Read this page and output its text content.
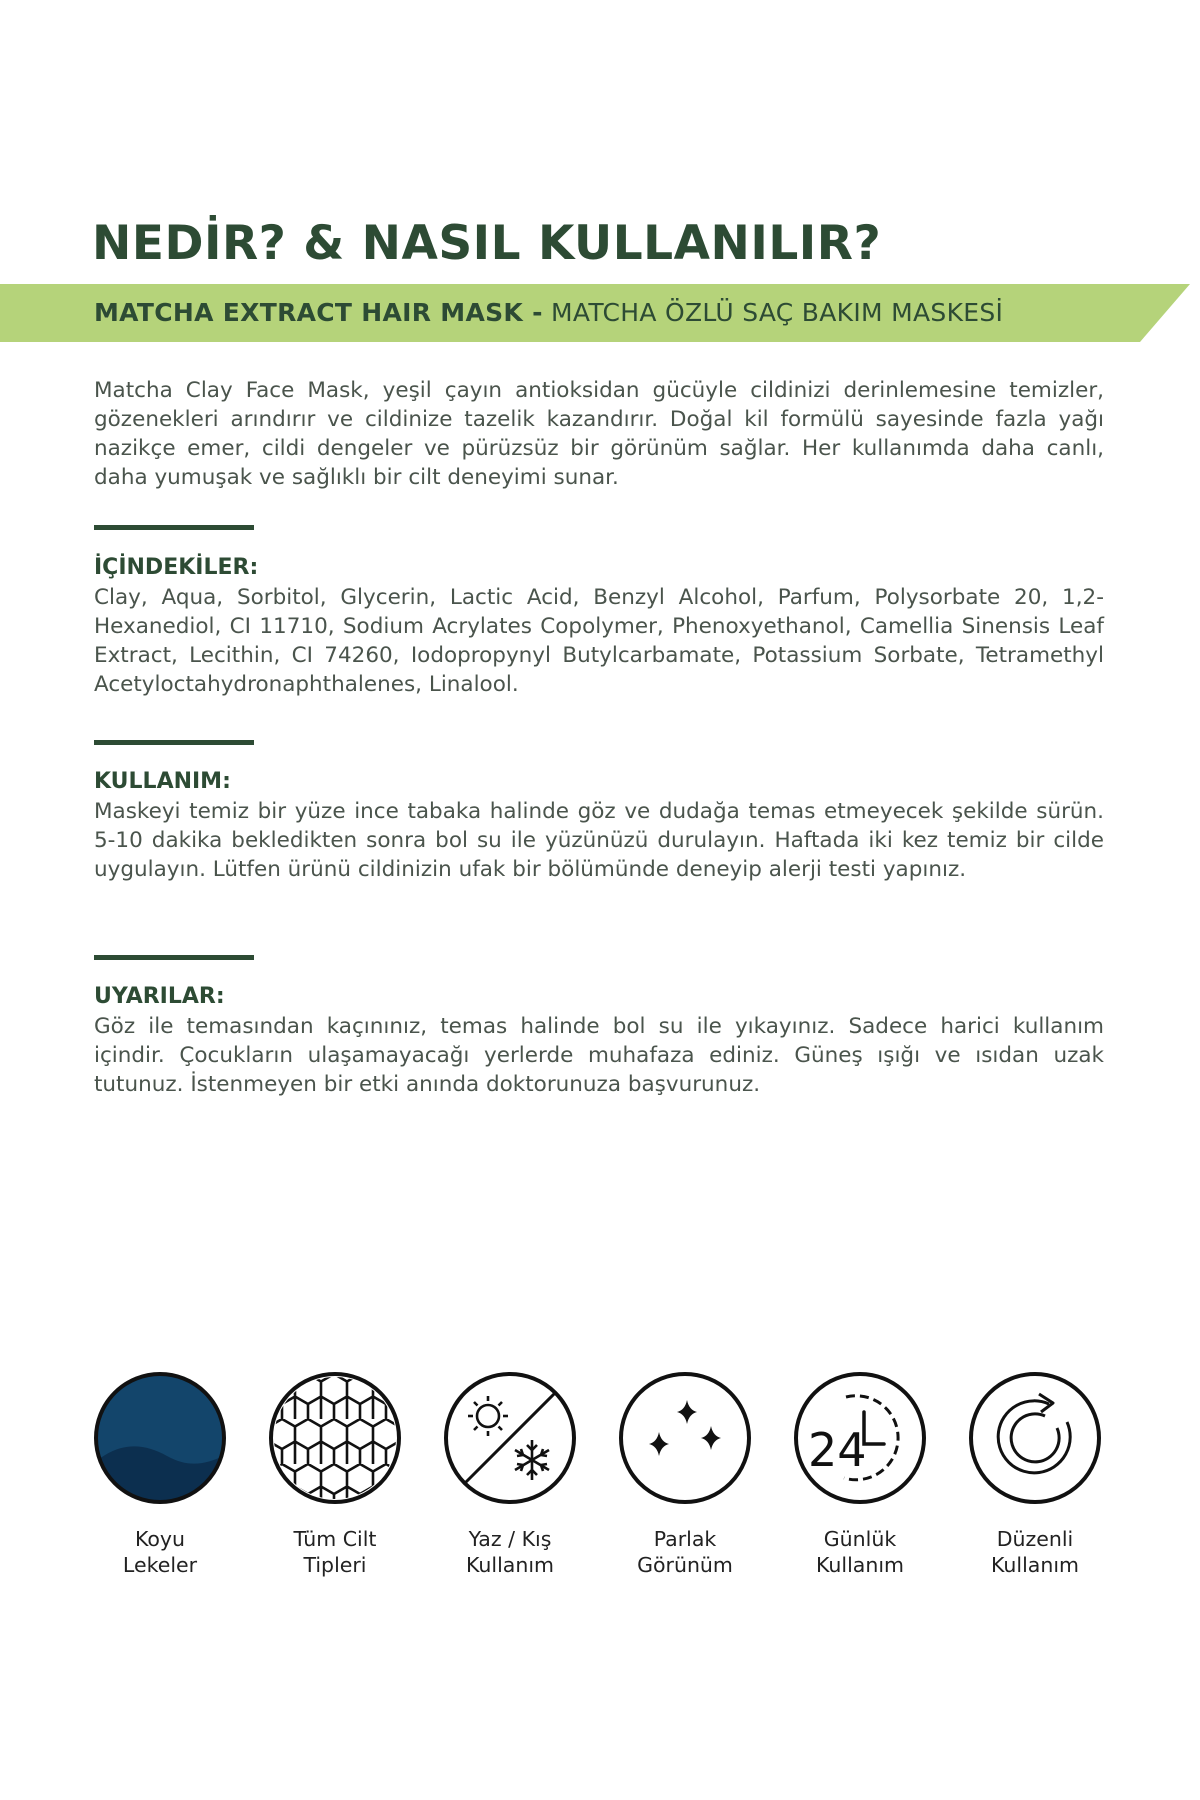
NEDİR? & NASIL KULLANILIR?
MATCHA EXTRACT HAIR MASK - MATCHA ÖZLÜ SAÇ BAKIM MASKESİ

Matcha Clay Face Mask, yeşil çayın antioksidan gücüyle cildinizi derinlemesine temizler, gözenekleri arındırır ve cildinize tazelik kazandırır. Doğal kil formülü sayesinde fazla yağı nazikçe emer, cildi dengeler ve pürüzsüz bir görünüm sağlar. Her kullanımda daha canlı, daha yumuşak ve sağlıklı bir cilt deneyimi sunar.

İÇİNDEKİLER:

Clay, Aqua, Sorbitol, Glycerin, Lactic Acid, Benzyl Alcohol, Parfum, Polysorbate 20, 1,2-Hexanediol, CI 11710, Sodium Acrylates Copolymer, Phenoxyethanol, Camellia Sinensis Leaf Extract, Lecithin, CI 74260, Iodopropynyl Butylcarbamate, Potassium Sorbate, Tetramethyl Acetyloctahydronaphthalenes, Linalool.

KULLANIM:

Maskeyi temiz bir yüze ince tabaka halinde göz ve dudağa temas etmeyecek şekilde sürün. 5-10 dakika bekledikten sonra bol su ile yüzünüzü durulayın. Haftada iki kez temiz bir cilde uygulayın. Lütfen ürünü cildinizin ufak bir bölümünde deneyip alerji testi yapınız.

UYARILAR:

Göz ile temasından kaçınınız, temas halinde bol su ile yıkayınız. Sadece harici kullanım içindir. Çocukların ulaşamayacağı yerlerde muhafaza ediniz. Güneş ışığı ve ısıdan uzak tutunuz. İstenmeyen bir etki anında doktorunuza başvurunuz.

Koyu
Lekeler
Tüm Cilt
Tipleri
Yaz / Kış
Kullanım
Parlak
Görünüm
24
Günlük
Kullanım
Düzenli
Kullanım
